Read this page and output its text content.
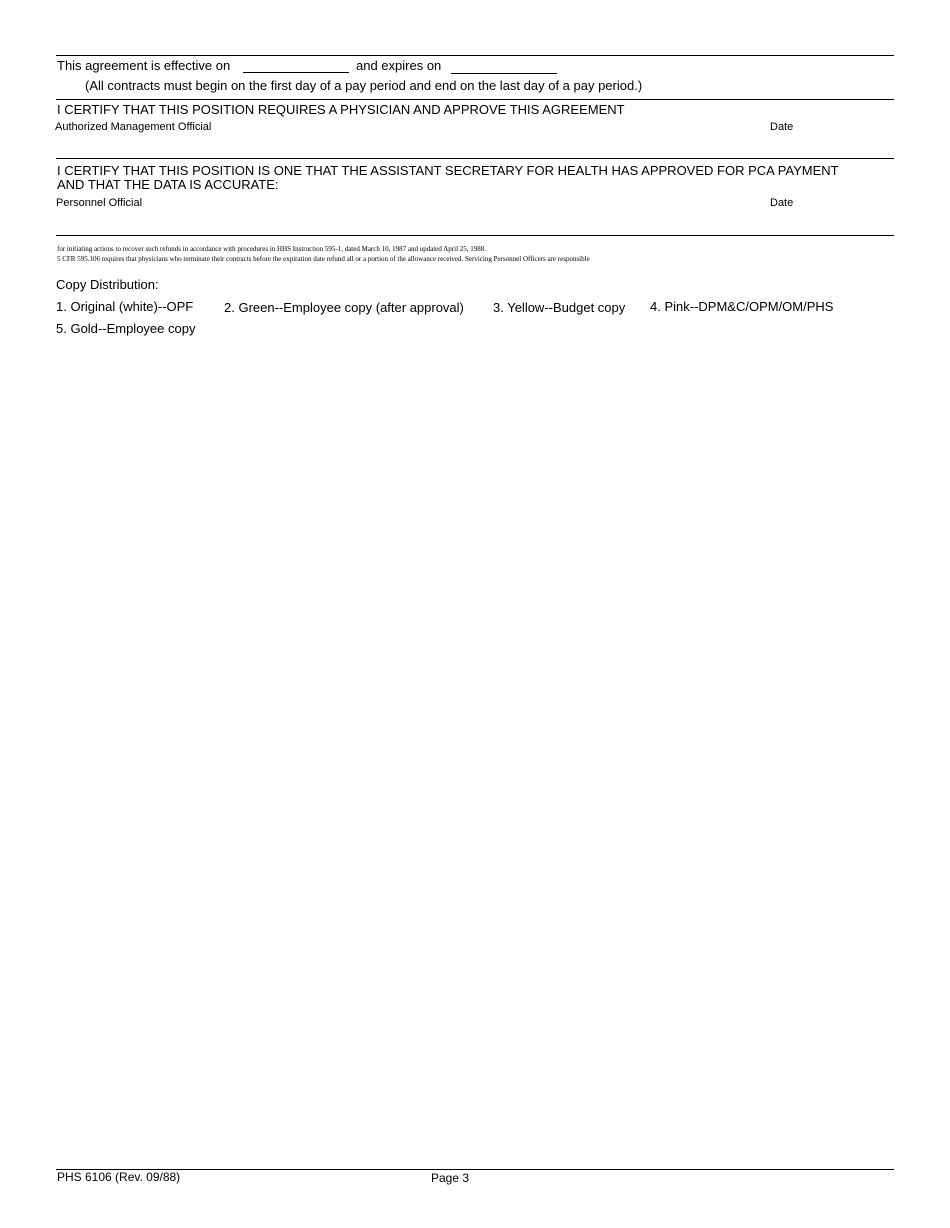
This agreement is effective on	and expires on
(All contracts must begin on the first day of a pay period and end on the last day of a pay period.)
I CERTIFY THAT THIS POSITION REQUIRES A PHYSICIAN AND APPROVE THIS AGREEMENT
Authorized Management Official	Date
I CERTIFY THAT THIS POSITION IS ONE THAT THE ASSISTANT SECRETARY FOR HEALTH HAS APPROVED FOR PCA PAYMENT
AND THAT THE DATA IS ACCURATE:
Personnel Official	Date
for initiating actions to recover such refunds in accordance with procedures in HHS Instruction 595-1, dated March 10, 1987 and updated April 25, 1988.
5 CFR 595.106 requires that physicians who terminate their contracts before the expiration date refund all or a portion of the allowance received. Servicing Personnel Officers are responsible
Copy Distribution:
1. Original (white)--OPF 2. Green--Employee copy (after approval) 3. Yellow--Budget copy 4. Pink--DPM&C/OPM/OM/PHS
5. Gold--Employee copy
PHS 6106 (Rev. 09/88)	Page 3
